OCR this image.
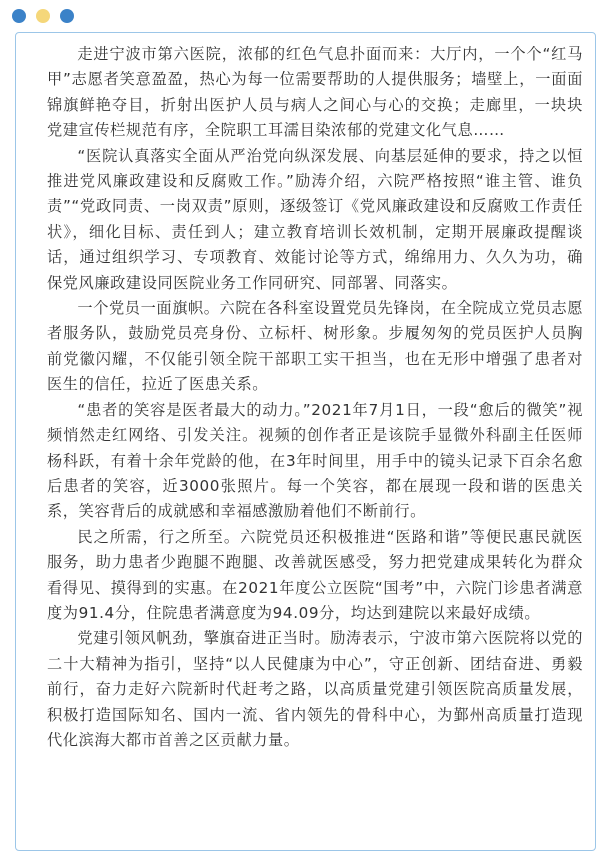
走进宁波市第六医院，浓郁的红色气息扑面而来：大厅内，一个个“红马甲”志愿者笑意盈盈，热心为每一位需要帮助的人提供服务；墙壁上，一面面锦旗鲜艳夺目，折射出医护人员与病人之间心与心的交换；走廊里，一块块党建宣传栏规范有序，全院职工耳濡目染浓郁的党建文化气息……

“医院认真落实全面从严治党向纵深发展、向基层延伸的要求，持之以恒推进党风廉政建设和反腐败工作。”励涛介绍，六院严格按照“谁主管、谁负责”“党政同责、一岗双责”原则，逐级签订《党风廉政建设和反腐败工作责任状》，细化目标、责任到人；建立教育培训长效机制，定期开展廉政提醒谈话，通过组织学习、专项教育、效能讨论等方式，绵绵用力、久久为功，确保党风廉政建设同医院业务工作同研究、同部署、同落实。

一个党员一面旗帜。六院在各科室设置党员先锋岗，在全院成立党员志愿者服务队，鼓励党员亮身份、立标杆、树形象。步履匆匆的党员医护人员胸前党徽闪耀，不仅能引领全院干部职工实干担当，也在无形中增强了患者对医生的信任，拉近了医患关系。

“患者的笑容是医者最大的动力。”2021年7月1日，一段“愈后的微笑”视频悄然走红网络、引发关注。视频的创作者正是该院手显微外科副主任医师杨科跃，有着十余年党龄的他，在3年时间里，用手中的镜头记录下百余名愈后患者的笑容，近3000张照片。每一个笑容，都在展现一段和谐的医患关系，笑容背后的成就感和幸福感激励着他们不断前行。

民之所需，行之所至。六院党员还积极推进“医路和谐”等便民惠民就医服务，助力患者少跑腿不跑腿、改善就医感受，努力把党建成果转化为群众看得见、摸得到的实惠。在2021年度公立医院“国考”中，六院门诊患者满意度为91.4分，住院患者满意度为94.09分，均达到建院以来最好成绩。

党建引领风帆劲，擎旗奋进正当时。励涛表示，宁波市第六医院将以党的二十大精神为指引，坚持“以人民健康为中心”，守正创新、团结奋进、勇毅前行，奋力走好六院新时代赶考之路，以高质量党建引领医院高质量发展，积极打造国际知名、国内一流、省内领先的骨科中心，为鄞州高质量打造现代化滨海大都市首善之区贡献力量。
